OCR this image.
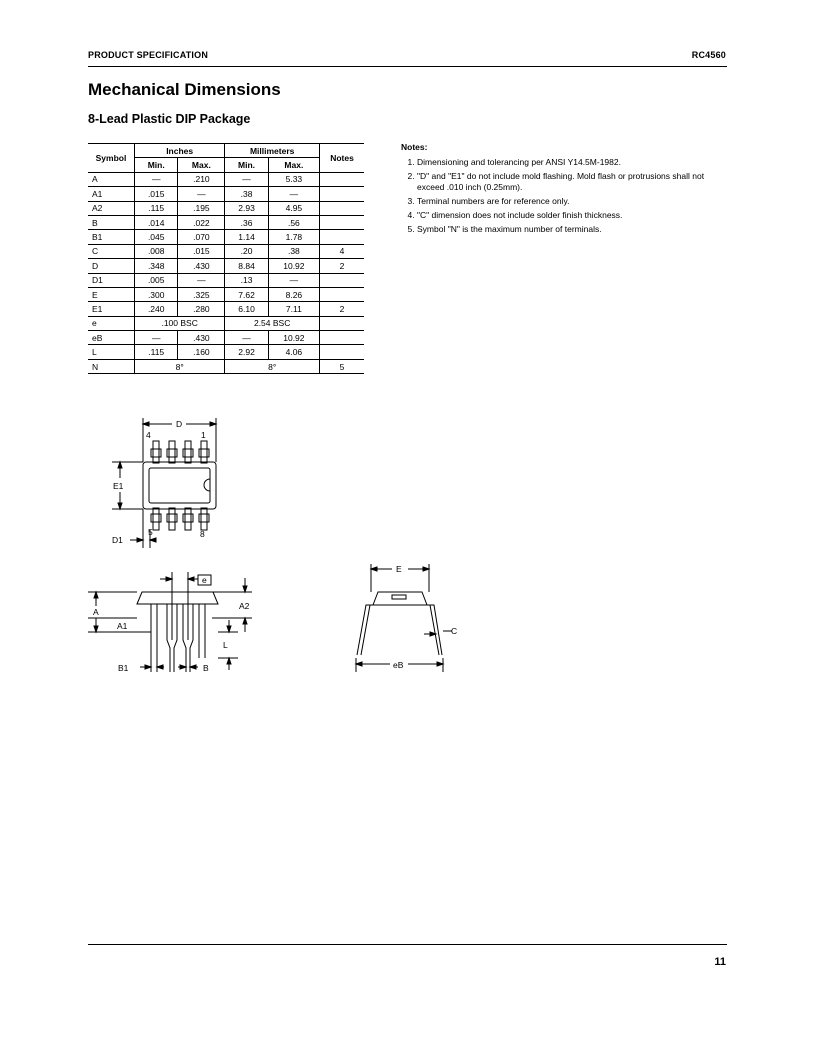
PRODUCT SPECIFICATION	RC4560
Mechanical Dimensions
8-Lead Plastic DIP Package
Symbol	Inches		Millimeters		Notes
	Min.	Max.	Min.	Max.	
A	—	.210	—	5.33	
A1	.015	—	.38	—	
A2	.115	.195	2.93	4.95	
B	.014	.022	.36	.56	
B1	.045	.070	1.14	1.78	
C	.008	.015	.20	.38	4
D	.348	.430	8.84	10.92	2
D1	.005	—	.13	—	
E	.300	.325	7.62	8.26	
E1	.240	.280	6.10	7.11	2
e	.100 BSC		2.54 BSC		
eB	—	.430	—	10.92	
L	.115	.160	2.92	4.06	
N	8°		8°		5
Notes:
1. Dimensioning and tolerancing per ANSI Y14.5M-1982.
2. "D" and "E1" do not include mold flashing. Mold flash or protrusions shall not exceed .010 inch (0.25mm).
3. Terminal numbers are for reference only.
4. "C" dimension does not include solder finish thickness.
5. Symbol "N" is the maximum number of terminals.
D
4	1
E1
5	8
D1
e
A
A2
A1
L
B1	B
E
C
eB
11
